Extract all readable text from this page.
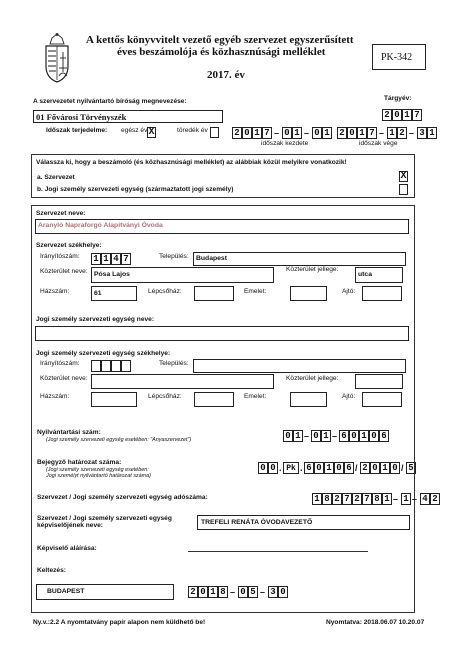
A kettős könyvvitelt vezető egyéb szervezet egyszerűsített
éves beszámolója és közhasznúsági melléklet
2017. év
PK-342
A szervezetet nyilvántartó bíróság megnevezése:	Tárgyév:
01 Fővárosi Törvényszék	2 0 1 7
Időszak terjedelme: egész év X	töredék év	2 0 1 7 – 0 1 – 0 1 2 0 1 7 – 1 2 – 3 1
időszak kezdete	időszak vége
Válassza ki, hogy a beszámoló (és közhasznúsági melléklet) az alábbiak közül melyikre vonatkozik!
a. Szervezet	X
b. Jogi személy szervezeti egység (származtatott jogi személy)
Szervezet neve:
Aranyló Napraforgó Alapítványi Óvoda
Szervezet székhelye:
Irányítószám: 1 1 4 7	Település: Budapest
Közterület neve: Pósa Lajos
Közterület jellege:
utca
Házszám:	61	Lépcsőház:	Emelet:	Ajtó:
Jogi személy szervezeti egység neve:
Jogi személy szervezeti egység székhelye:
Irányítószám:	Település:
Közterület neve:	Közterület jellege:
Házszám:	Lépcsőház:	Emelet:	Ajtó:
Nyilvántartási szám:
(Jogi személy szervezeti egység esetében: "Anyaszervezet")	0 1 – 0 1 – 6 0 1 0 6
Bejegyző határozat száma:
(Jogi személy szervezeti egység esetében:
Jogi személyt nyilvántartó határozat száma)
0 0 . Pk . 6 0 1 0 6 / 2 0 1 0 / 5
Szervezet / Jogi személy szervezeti egység adószáma:	1 8 2 7 2 7 8 1 – 1 – 4 2
Szervezet / Jogi személy szervezeti egység
képviselőjének neve:	TREFELI RENÁTA ÓVODAVEZETŐ
Képviselő aláírása:
Keltezés:
BUDAPEST	2 0 1 8 – 0 5 – 3 0
Ny.v.:2.2 A nyomtatvány papír alapon nem küldhető be!	Nyomtatva: 2018.06.07 10.20.07
